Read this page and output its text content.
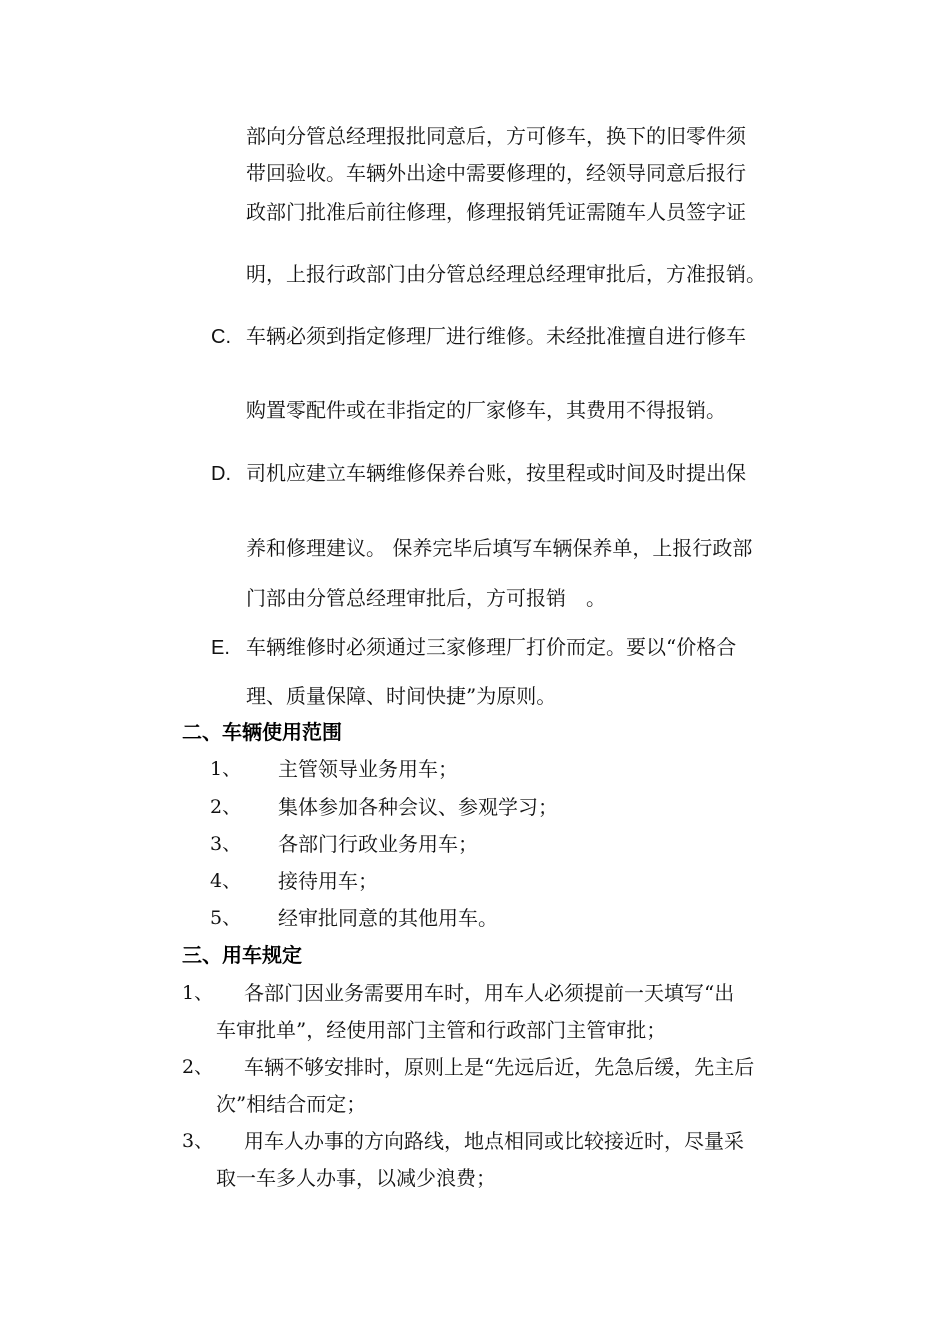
部向分管总经理报批同意后，方可修车，换下的旧零件须
带回验收。车辆外出途中需要修理的，经领导同意后报行
政部门批准后前往修理，修理报销凭证需随车人员签字证
明，上报行政部门由分管总经理总经理审批后，方准报销。
C. 车辆必须到指定修理厂进行维修。未经批准擅自进行修车
购置零配件或在非指定的厂家修车，其费用不得报销。
D. 司机应建立车辆维修保养台账，按里程或时间及时提出保
养和修理建议。 保养完毕后填写车辆保养单，上报行政部
门部由分管总经理审批后，方可报销　。
E. 车辆维修时必须通过三家修理厂打价而定。要以“价格合
理、质量保障、时间快捷”为原则。
二、车辆使用范围
1、 主管领导业务用车；
2、 集体参加各种会议、参观学习；
3、 各部门行政业务用车；
4、 接待用车；
5、 经审批同意的其他用车。
三、用车规定
1、 各部门因业务需要用车时，用车人必须提前一天填写“出
车审批单”，经使用部门主管和行政部门主管审批；
2、 车辆不够安排时，原则上是“先远后近，先急后缓，先主后
次”相结合而定；
3、 用车人办事的方向路线，地点相同或比较接近时，尽量采
取一车多人办事，以减少浪费；
